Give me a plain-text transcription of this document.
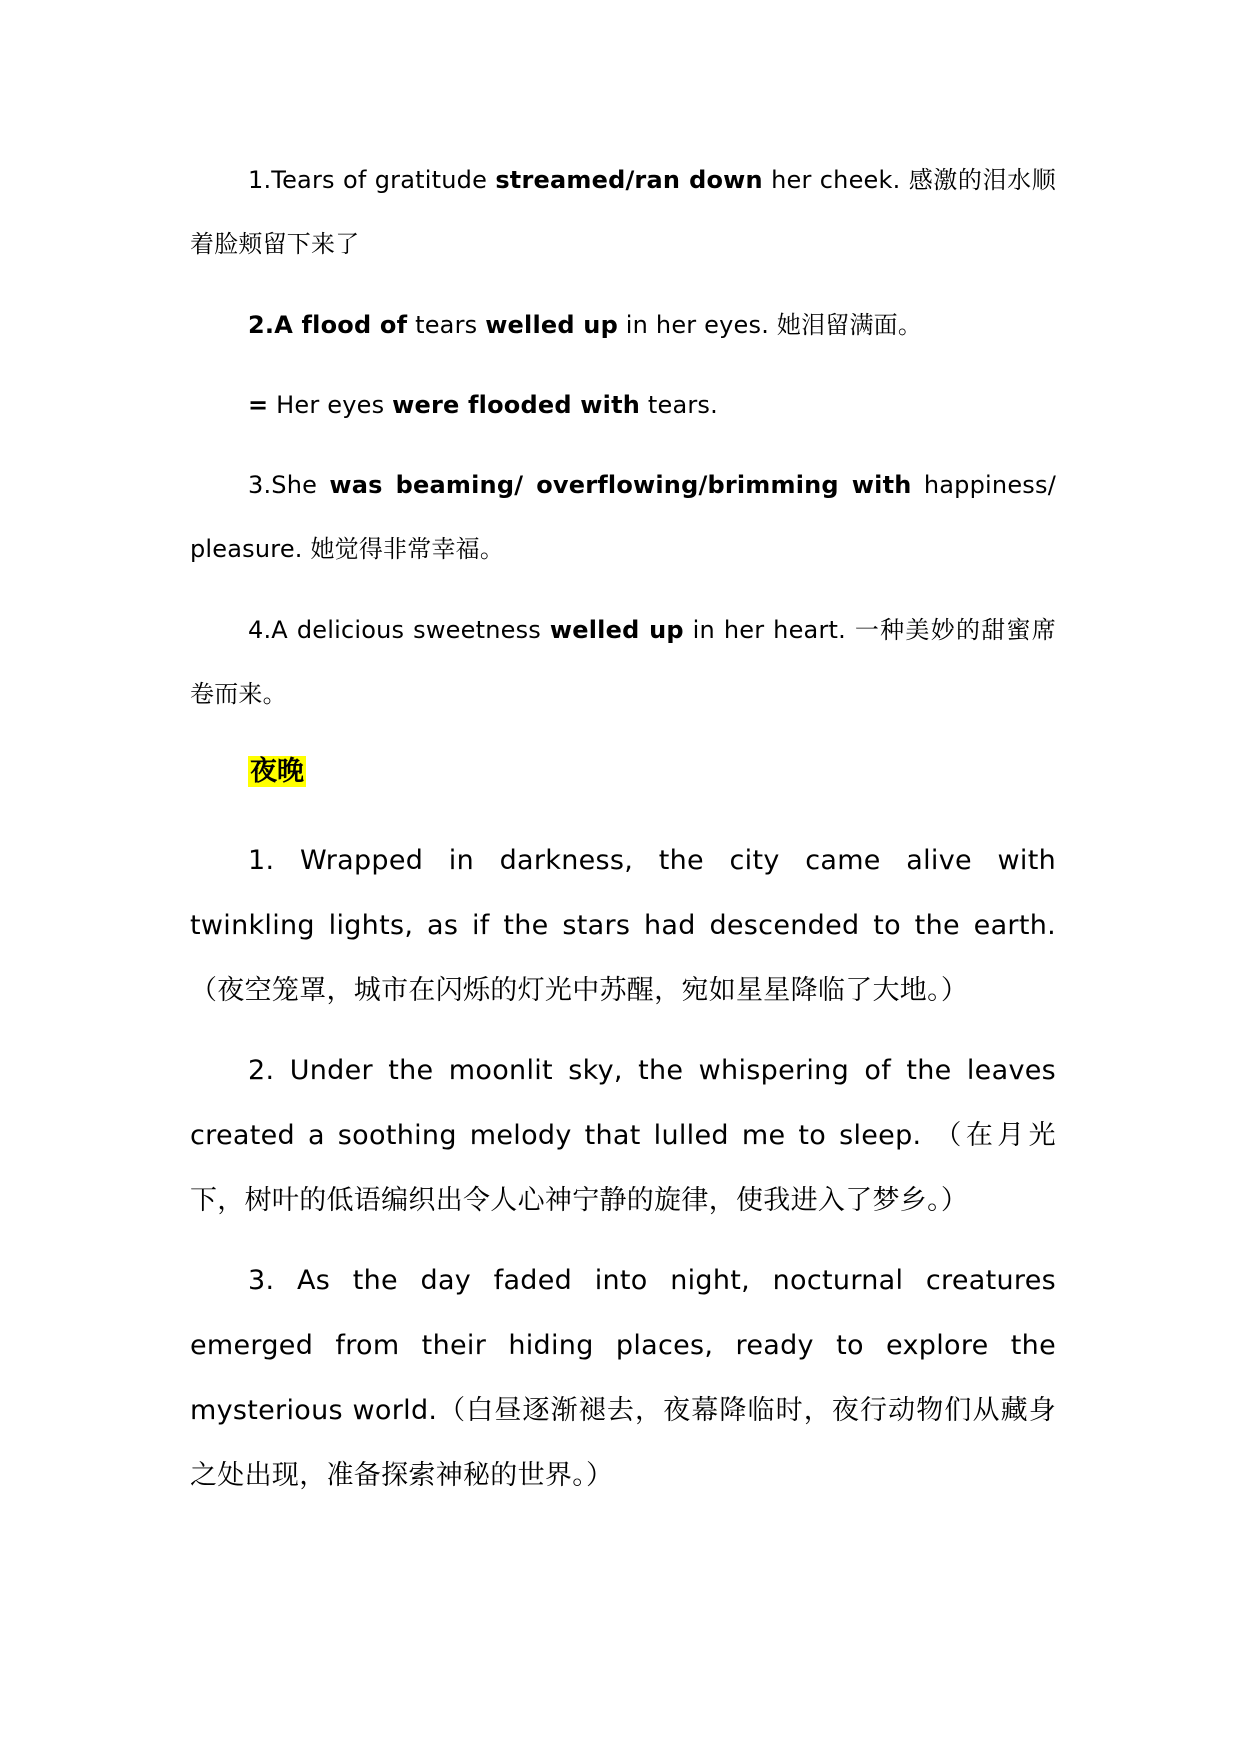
1.Tears of gratitude streamed/ran down her cheek. 感激的泪水顺着脸颊留下来了

2.A flood of tears welled up in her eyes. 她泪留满面。

= Her eyes were flooded with tears.

3.She was beaming/ overflowing/brimming with happiness/ pleasure. 她觉得非常幸福。

4.A delicious sweetness welled up in her heart. 一种美妙的甜蜜席卷而来。

夜晚

1. Wrapped in darkness, the city came alive with twinkling lights, as if the stars had descended to the earth. （夜空笼罩，城市在闪烁的灯光中苏醒，宛如星星降临了大地。）

2. Under the moonlit sky, the whispering of the leaves created a soothing melody that lulled me to sleep. （在月光下，树叶的低语编织出令人心神宁静的旋律，使我进入了梦乡。）

3. As the day faded into night, nocturnal creatures emerged from their hiding places, ready to explore the mysterious world.（白昼逐渐褪去，夜幕降临时，夜行动物们从藏身之处出现，准备探索神秘的世界。）
